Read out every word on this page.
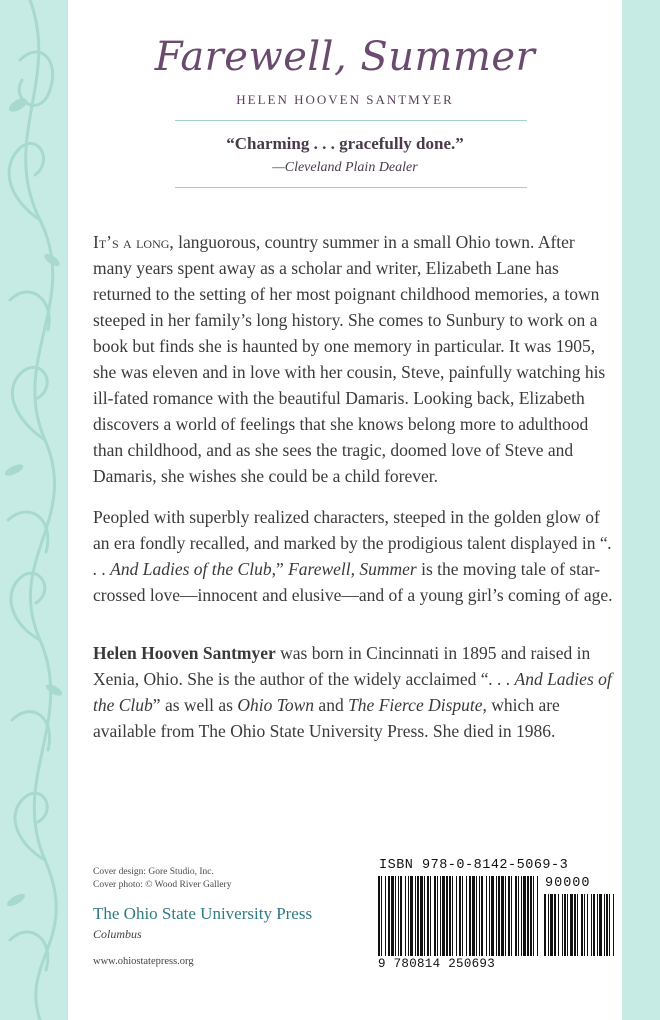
Farewell, Summer
HELEN HOOVEN SANTMYER
“Charming . . . gracefully done.”
—Cleveland Plain Dealer
It’s a long, languorous, country summer in a small Ohio town. After many years spent away as a scholar and writer, Elizabeth Lane has returned to the setting of her most poignant childhood memories, a town steeped in her family’s long history. She comes to Sunbury to work on a book but finds she is haunted by one memory in particular. It was 1905, she was eleven and in love with her cousin, Steve, painfully watching his ill-fated romance with the beautiful Damaris. Looking back, Elizabeth discovers a world of feelings that she knows belong more to adulthood than childhood, and as she sees the tragic, doomed love of Steve and Damaris, she wishes she could be a child forever.
Peopled with superbly realized characters, steeped in the golden glow of an era fondly recalled, and marked by the prodigious talent displayed in “. . . And Ladies of the Club,” Farewell, Summer is the moving tale of star-crossed love—innocent and elusive—and of a young girl’s coming of age.
Helen Hooven Santmyer was born in Cincinnati in 1895 and raised in Xenia, Ohio. She is the author of the widely acclaimed “. . . And Ladies of the Club” as well as Ohio Town and The Fierce Dispute, which are available from The Ohio State University Press. She died in 1986.
Cover design: Gore Studio, Inc.
Cover photo: © Wood River Gallery
The Ohio State University Press
Columbus
www.ohiostatepress.org
ISBN 978-0-8142-5069-3
90000
9 780814 250693
